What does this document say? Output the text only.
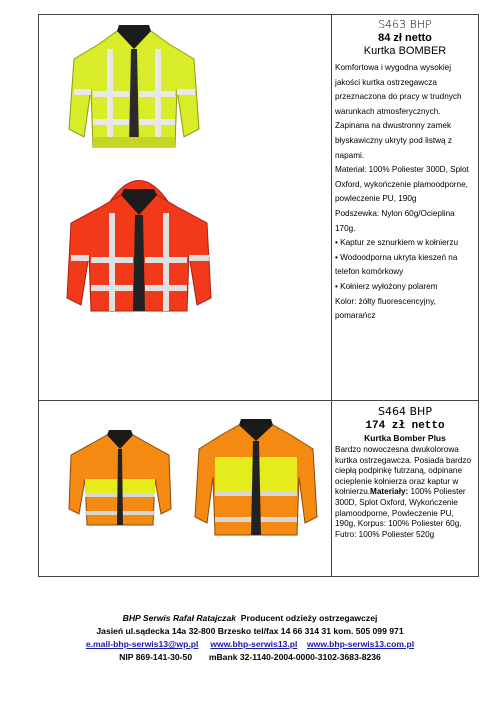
S463 BHP
84 zł netto
Kurtka BOMBER

Komfortowa i wygodna wysokiej jakości kurtka ostrzegawcza przeznaczona do pracy w trudnych warunkach atmosferycznych.

Zapinana na dwustronny zamek błyskawiczny ukryty pod listwą z napami.

Materiał: 100% Poliester 300D, Splot Oxford, wykończenie plamoodporne, powleczenie PU, 190g

Podszewka: Nylon 60g/Ocieplina 170g.

• Kaptur ze sznurkiem w kołnierzu

• Wodoodporna ukryta kieszeń na telefon komórkowy

• Kołnierz wyłożony polarem

Kolor: żółty fluorescencyjny, pomarańcz

S464 BHP
174 zł netto
Kurtka Bomber Plus
Bardzo nowoczesna dwukolorowa kurtka ostrzegawcza. Posiada bardzo ciepłą podpinkę futrzaną, odpinane ocieplenie kołnierza oraz kaptur w kołnierzu.Materiały: 100% Poliester 300D, Splot Oxford, Wykończenie plamoodporne, Powleczenie PU, 190g, Korpus: 100% Poliester 60g, Futro: 100% Poliester 520g
BHP Serwis Rafał Ratajczak Producent odzieży ostrzegawczej
Jasień ul.sądecka 14a 32-800 Brzesko tel/fax 14 66 314 31 kom. 505 099 971
e.mail-bhp-serwis13@wp.pl www.bhp-serwis13.pl www.bhp-serwis13.com.pl
NIP 869-141-30-50 mBank 32-1140-2004-0000-3102-3683-8236
